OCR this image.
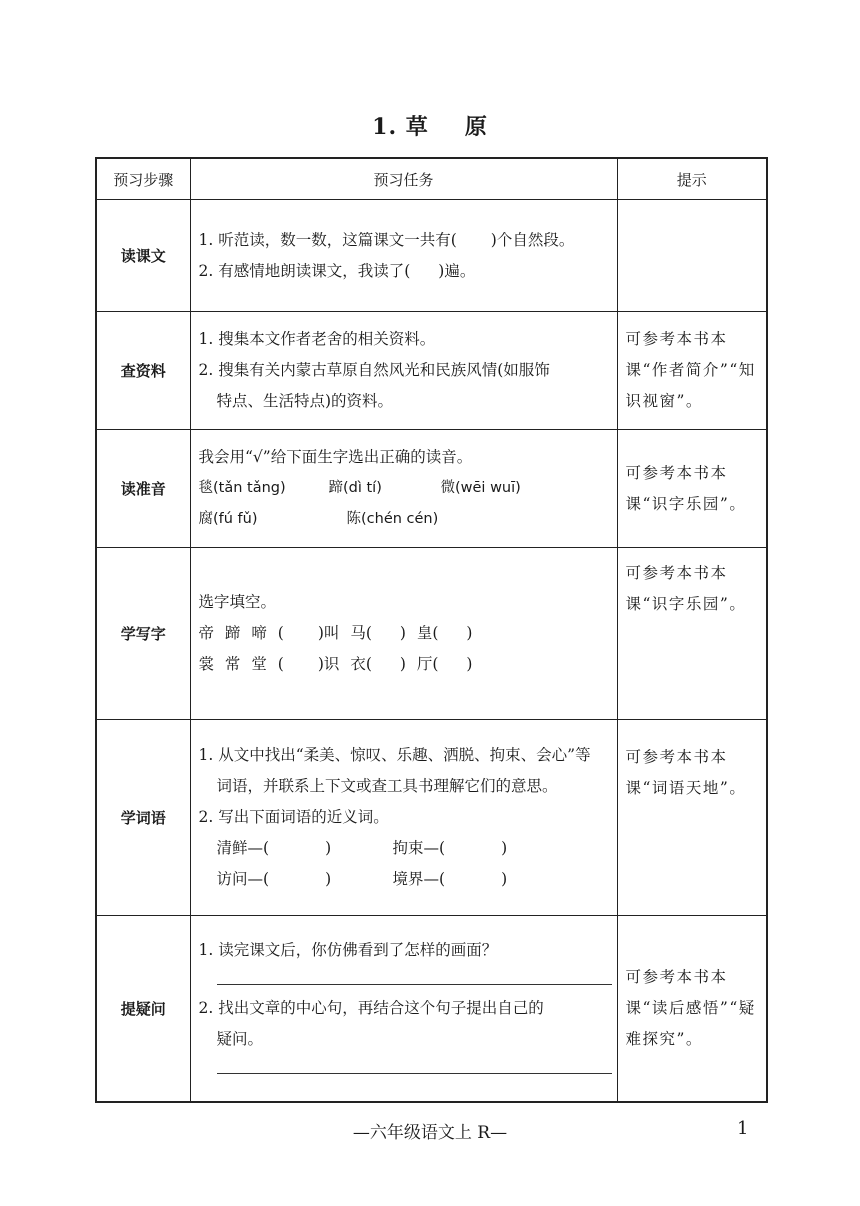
1. 草 原
预习步骤	预习任务	提示
读课文	1. 听范读，数一数，这篇课文一共有( )个自然段。
2. 有感情地朗读课文，我读了( )遍。	

查资料	1. 搜集本文作者老舍的相关资料。
2. 搜集有关内蒙古草原自然风光和民族风情(如服饰
特点、生活特点)的资料。	可参考本书本课“作者简介”“知识视窗”。
读准音	我会用“√”给下面生字选出正确的读音。
毯(tǎn tǎng) 蹄(dì tí) 微(wēi wuī)
腐(fú fǔ) 陈(chén cén)	可参考本书本课“识字乐园”。
学写字	选字填空。
帝 蹄 啼 ( )叫 马( ) 皇( )
裳 常 堂 ( )识 衣( ) 厅( )	可参考本书本课“识字乐园”。
学词语	1. 从文中找出“柔美、惊叹、乐趣、洒脱、拘束、会心”等
词语，并联系上下文或查工具书理解它们的意思。
2. 写出下面词语的近义词。
清鲜—( ) 拘束—( )
访问—( ) 境界—( )	可参考本书本课“词语天地”。
提疑问	1. 读完课文后，你仿佛看到了怎样的画面？
2. 找出文章的中心句，再结合这个句子提出自己的
疑问。	可参考本书本课“读后感悟”“疑难探究”。
—六年级语文上 R—	1
